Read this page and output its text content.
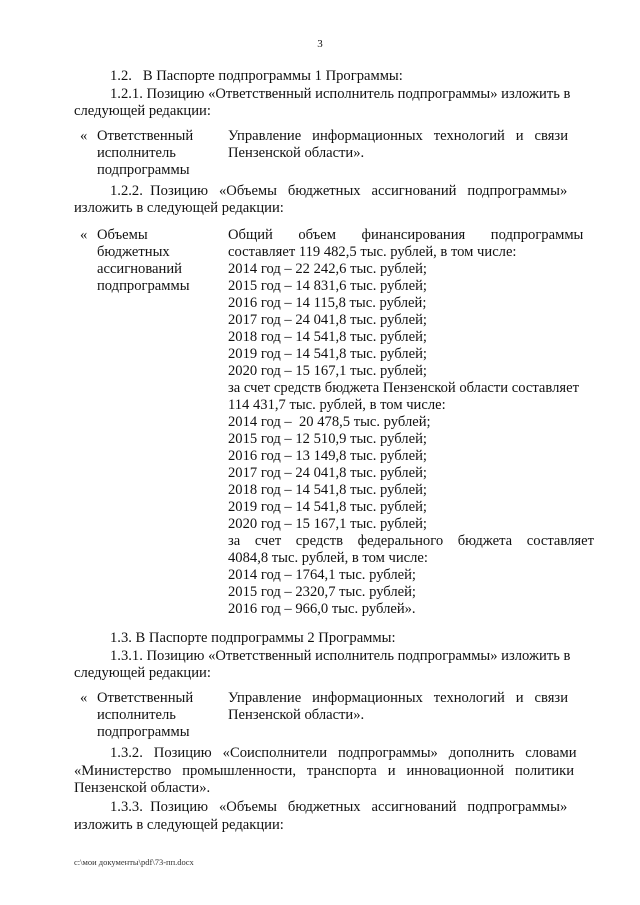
3
1.2.   В Паспорте подпрограммы 1 Программы:
1.2.1. Позицию «Ответственный исполнитель подпрограммы» изложить в
следующей редакции:
« Ответственный
исполнитель
подпрограммы
Управление   информационных   технологий   и   связи
Пензенской области».
1.2.2.  Позицию   «Объемы   бюджетных   ассигнований   подпрограммы»
изложить в следующей редакции:
« Объемы
бюджетных
ассигнований
подпрограммы
Общий       объем       финансирования       подпрограммы
составляет 119 482,5 тыс. рублей, в том числе:
2014 год – 22 242,6 тыс. рублей;
2015 год – 14 831,6 тыс. рублей;
2016 год – 14 115,8 тыс. рублей;
2017 год – 24 041,8 тыс. рублей;
2018 год – 14 541,8 тыс. рублей;
2019 год – 14 541,8 тыс. рублей;
2020 год – 15 167,1 тыс. рублей;
за счет средств бюджета Пензенской области составляет
114 431,7 тыс. рублей, в том числе:
2014 год –  20 478,5 тыс. рублей;
2015 год – 12 510,9 тыс. рублей;
2016 год – 13 149,8 тыс. рублей;
2017 год – 24 041,8 тыс. рублей;
2018 год – 14 541,8 тыс. рублей;
2019 год – 14 541,8 тыс. рублей;
2020 год – 15 167,1 тыс. рублей;
за    счет    средств    федерального    бюджета    составляет
4084,8 тыс. рублей, в том числе:
2014 год – 1764,1 тыс. рублей;
2015 год – 2320,7 тыс. рублей;
2016 год – 966,0 тыс. рублей».
1.3. В Паспорте подпрограммы 2 Программы:
1.3.1. Позицию «Ответственный исполнитель подпрограммы» изложить в
следующей редакции:
« Ответственный
исполнитель
подпрограммы
Управление   информационных   технологий   и   связи
Пензенской области».
1.3.2.   Позицию   «Соисполнители   подпрограммы»   дополнить   словами
«Министерство   промышленности,   транспорта   и   инновационной   политики
Пензенской области».
1.3.3.  Позицию   «Объемы   бюджетных   ассигнований   подпрограммы»
изложить в следующей редакции:
c:\мои документы\pdf\73-пп.docx
